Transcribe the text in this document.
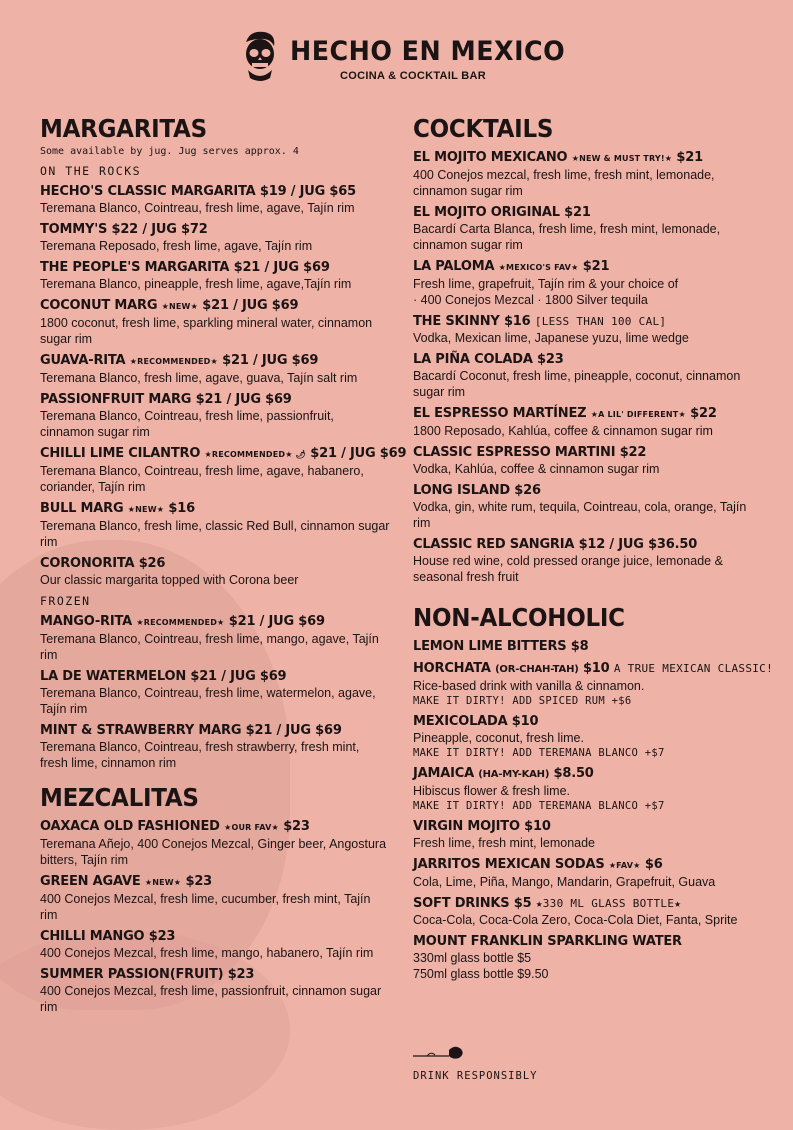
HECHO EN MEXICO
COCINA & COCKTAIL BAR
MARGARITAS
Some available by jug. Jug serves approx. 4
ON THE ROCKS
HECHO'S CLASSIC MARGARITA $19 / JUG $65
Teremana Blanco, Cointreau, fresh lime, agave, Tajín rim
TOMMY'S $22 / JUG $72
Teremana Reposado, fresh lime, agave, Tajín rim
THE PEOPLE'S MARGARITA $21 / JUG $69
Teremana Blanco, pineapple, fresh lime, agave,Tajín rim
COCONUT MARG ★NEW★ $21 / JUG $69
1800 coconut, fresh lime, sparkling mineral water, cinnamon sugar rim
GUAVA-RITA ★RECOMMENDED★ $21 / JUG $69
Teremana Blanco, fresh lime, agave, guava, Tajín salt rim
PASSIONFRUIT MARG $21 / JUG $69
Teremana Blanco, Cointreau, fresh lime, passionfruit, cinnamon sugar rim
CHILLI LIME CILANTRO ★RECOMMENDED★ 🌶 $21 / JUG $69
Teremana Blanco, Cointreau, fresh lime, agave, habanero, coriander, Tajín rim
BULL MARG ★NEW★ $16
Teremana Blanco, fresh lime, classic Red Bull, cinnamon sugar rim
CORONORITA $26
Our classic margarita topped with Corona beer
FROZEN
MANGO-RITA ★RECOMMENDED★ $21 / JUG $69
Teremana Blanco, Cointreau, fresh lime, mango, agave, Tajín rim
LA DE WATERMELON $21 / JUG $69
Teremana Blanco, Cointreau, fresh lime, watermelon, agave, Tajín rim
MINT & STRAWBERRY MARG $21 / JUG $69
Teremana Blanco, Cointreau, fresh strawberry, fresh mint, fresh lime, cinnamon rim
MEZCALITAS
OAXACA OLD FASHIONED ★OUR FAV★ $23
Teremana Añejo, 400 Conejos Mezcal, Ginger beer, Angostura bitters, Tajín rim
GREEN AGAVE ★NEW★ $23
400 Conejos Mezcal, fresh lime, cucumber, fresh mint, Tajín rim
CHILLI MANGO $23
400 Conejos Mezcal, fresh lime, mango, habanero, Tajín rim
SUMMER PASSION(FRUIT) $23
400 Conejos Mezcal, fresh lime, passionfruit, cinnamon sugar rim
COCKTAILS
EL MOJITO MEXICANO ★NEW & MUST TRY!★ $21
400 Conejos mezcal, fresh lime, fresh mint, lemonade, cinnamon sugar rim
EL MOJITO ORIGINAL $21
Bacardí Carta Blanca, fresh lime, fresh mint, lemonade, cinnamon sugar rim
LA PALOMA ★MEXICO'S FAV★ $21
Fresh lime, grapefruit, Tajín rim & your choice of
· 400 Conejos Mezcal · 1800 Silver tequila
THE SKINNY $16 [LESS THAN 100 CAL]
Vodka, Mexican lime, Japanese yuzu, lime wedge
LA PIÑA COLADA $23
Bacardí Coconut, fresh lime, pineapple, coconut, cinnamon sugar rim
EL ESPRESSO MARTÍNEZ ★A LIL' DIFFERENT★ $22
1800 Reposado, Kahlúa, coffee & cinnamon sugar rim
CLASSIC ESPRESSO MARTINI $22
Vodka, Kahlúa, coffee & cinnamon sugar rim
LONG ISLAND $26
Vodka, gin, white rum, tequila, Cointreau, cola, orange, Tajín rim
CLASSIC RED SANGRIA $12 / JUG $36.50
House red wine, cold pressed orange juice, lemonade & seasonal fresh fruit
NON-ALCOHOLIC
LEMON LIME BITTERS $8
HORCHATA (OR-CHAH-TAH) $10 A TRUE MEXICAN CLASSIC!
Rice-based drink with vanilla & cinnamon.
MAKE IT DIRTY! ADD SPICED RUM +$6
MEXICOLADA $10
Pineapple, coconut, fresh lime.
MAKE IT DIRTY! ADD TEREMANA BLANCO +$7
JAMAICA (HA-MY-KAH) $8.50
Hibiscus flower & fresh lime.
MAKE IT DIRTY! ADD TEREMANA BLANCO +$7
VIRGIN MOJITO $10
Fresh lime, fresh mint, lemonade
JARRITOS MEXICAN SODAS ★FAV★ $6
Cola, Lime, Piña, Mango, Mandarin, Grapefruit, Guava
SOFT DRINKS $5 ★330 ML GLASS BOTTLE★
Coca-Cola, Coca-Cola Zero, Coca-Cola Diet, Fanta, Sprite
MOUNT FRANKLIN SPARKLING WATER
330ml glass bottle $5
750ml glass bottle $9.50
DRINK RESPONSIBLY
